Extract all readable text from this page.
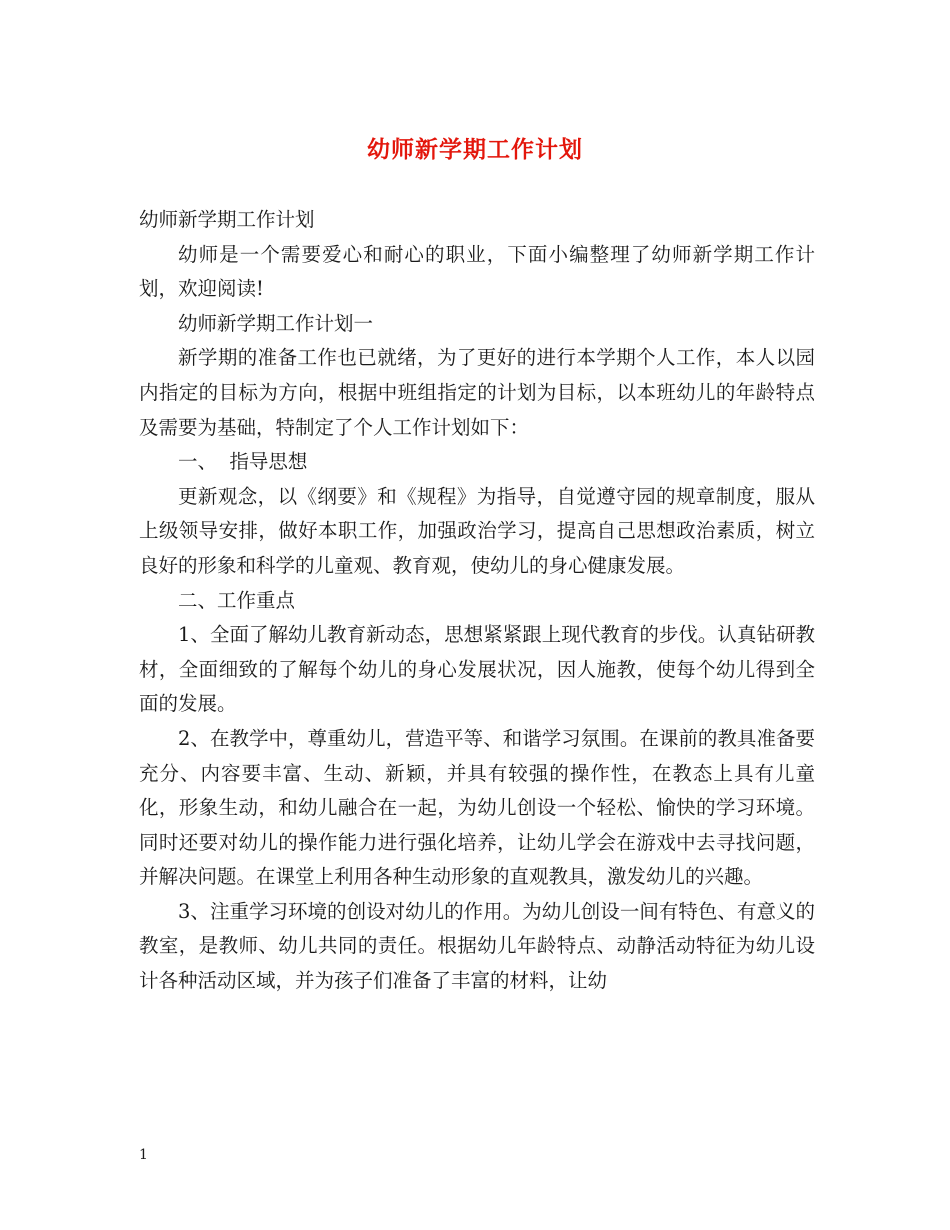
幼师新学期工作计划

幼师新学期工作计划

幼师是一个需要爱心和耐心的职业，下面小编整理了幼师新学期工作计划，欢迎阅读!

幼师新学期工作计划一

新学期的准备工作也已就绪，为了更好的进行本学期个人工作，本人以园内指定的目标为方向，根据中班组指定的计划为目标，以本班幼儿的年龄特点及需要为基础，特制定了个人工作计划如下：

一、  指导思想

更新观念，以《纲要》和《规程》为指导，自觉遵守园的规章制度，服从上级领导安排，做好本职工作，加强政治学习，提高自己思想政治素质，树立良好的形象和科学的儿童观、教育观，使幼儿的身心健康发展。

二、工作重点

1、全面了解幼儿教育新动态，思想紧紧跟上现代教育的步伐。认真钻研教材，全面细致的了解每个幼儿的身心发展状况，因人施教，使每个幼儿得到全面的发展。

2、在教学中，尊重幼儿，营造平等、和谐学习氛围。在课前的教具准备要充分、内容要丰富、生动、新颖，并具有较强的操作性，在教态上具有儿童化，形象生动，和幼儿融合在一起，为幼儿创设一个轻松、愉快的学习环境。同时还要对幼儿的操作能力进行强化培养，让幼儿学会在游戏中去寻找问题，并解决问题。在课堂上利用各种生动形象的直观教具，激发幼儿的兴趣。

3、注重学习环境的创设对幼儿的作用。为幼儿创设一间有特色、有意义的教室，是教师、幼儿共同的责任。根据幼儿年龄特点、动静活动特征为幼儿设计各种活动区域，并为孩子们准备了丰富的材料，让幼

1
